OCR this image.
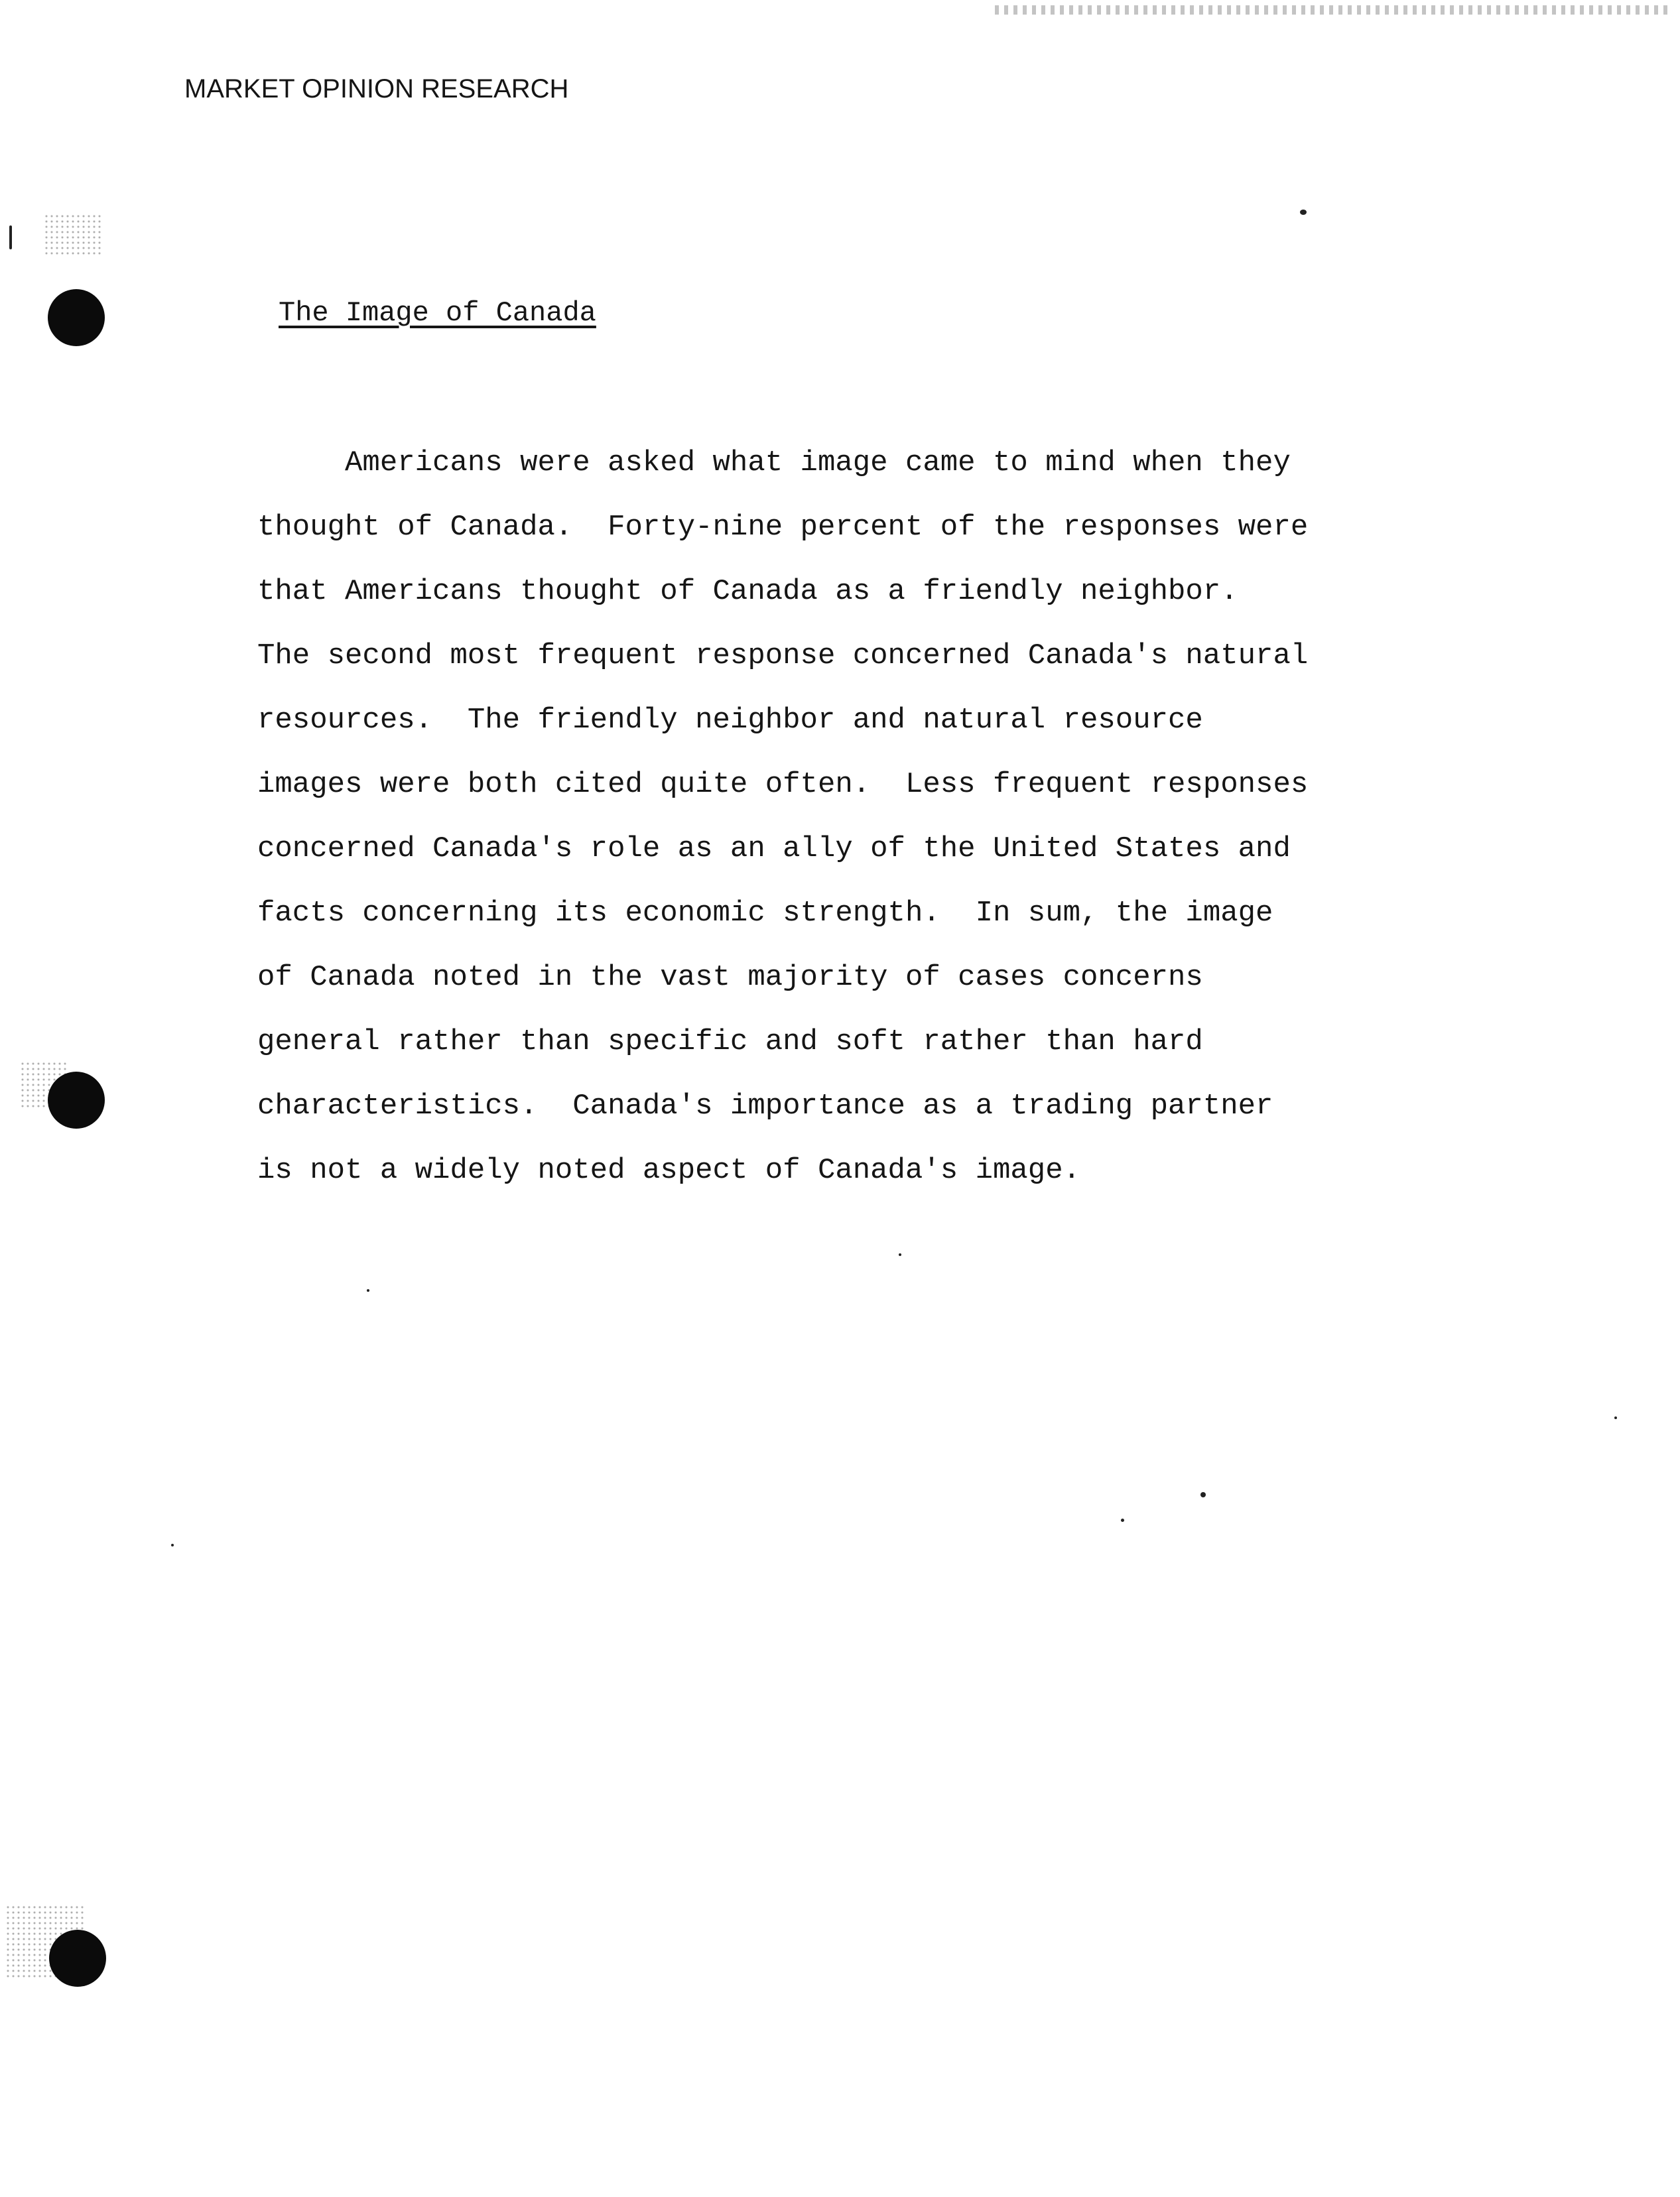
MARKET OPINION RESEARCH
The Image of Canada
Americans were asked what image came to mind when they
thought of Canada.  Forty-nine percent of the responses were
that Americans thought of Canada as a friendly neighbor.
The second most frequent response concerned Canada's natural
resources.  The friendly neighbor and natural resource
images were both cited quite often.  Less frequent responses
concerned Canada's role as an ally of the United States and
facts concerning its economic strength.  In sum, the image
of Canada noted in the vast majority of cases concerns
general rather than specific and soft rather than hard
characteristics.  Canada's importance as a trading partner
is not a widely noted aspect of Canada's image.
